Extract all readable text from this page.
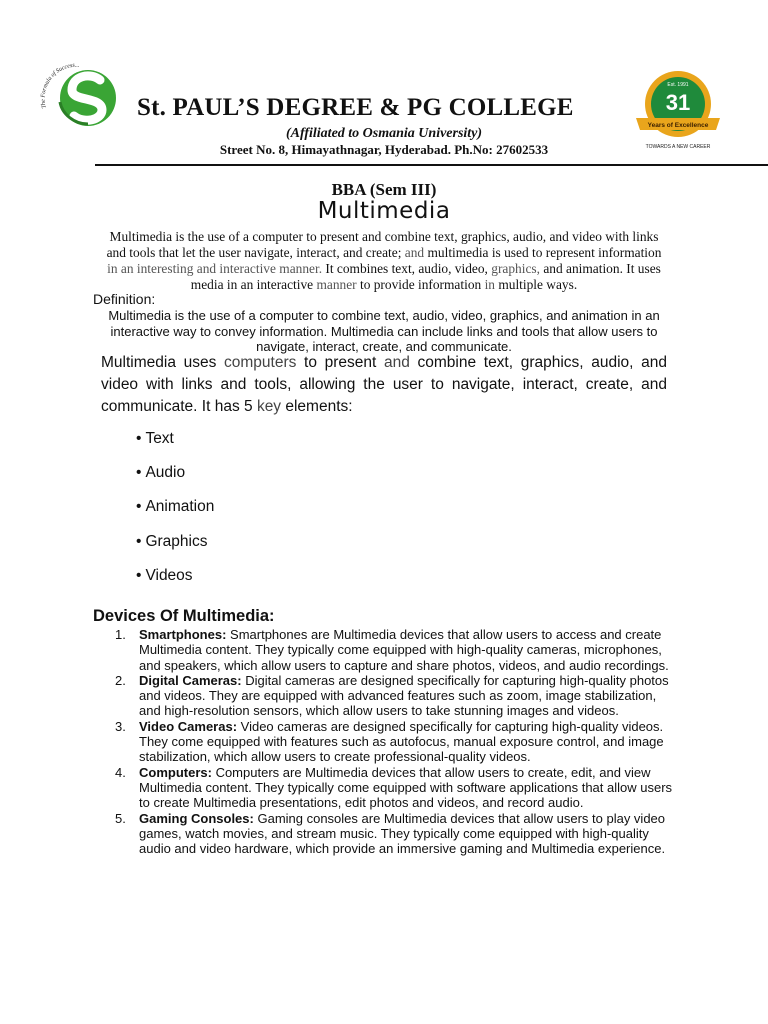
The Formula of Success...
St. PAUL’S DEGREE & PG COLLEGE
(Affiliated to Osmania University)
Street No. 8, Himayathnagar, Hyderabad. Ph.No: 27602533
Est. 1991
31
Years of Excellence
TOWARDS A NEW CAREER
BBA (Sem III)
Multimedia
Multimedia is the use of a computer to present and combine text, graphics, audio, and video with links
and tools that let the user navigate, interact, and create; and multimedia is used to represent information
in an interesting and interactive manner. It combines text, audio, video, graphics, and animation. It uses
media in an interactive manner to provide information in multiple ways.
Definition:
Multimedia is the use of a computer to combine text, audio, video, graphics, and animation in an interactive way to convey information. Multimedia can include links and tools that allow users to navigate, interact, create, and communicate.
Multimedia uses computers to present and combine text, graphics, audio, and video with links and tools, allowing the user to navigate, interact, create, and communicate. It has 5 key elements:
• Text
• Audio
• Animation
• Graphics
• Videos
Devices Of Multimedia:
1. Smartphones: Smartphones are Multimedia devices that allow users to access and create Multimedia content. They typically come equipped with high-quality cameras, microphones, and speakers, which allow users to capture and share photos, videos, and audio recordings.
2. Digital Cameras: Digital cameras are designed specifically for capturing high-quality photos and videos. They are equipped with advanced features such as zoom, image stabilization, and high-resolution sensors, which allow users to take stunning images and videos.
3. Video Cameras: Video cameras are designed specifically for capturing high-quality videos. They come equipped with features such as autofocus, manual exposure control, and image stabilization, which allow users to create professional-quality videos.
4. Computers: Computers are Multimedia devices that allow users to create, edit, and view Multimedia content. They typically come equipped with software applications that allow users to create Multimedia presentations, edit photos and videos, and record audio.
5. Gaming Consoles: Gaming consoles are Multimedia devices that allow users to play video games, watch movies, and stream music. They typically come equipped with high-quality audio and video hardware, which provide an immersive gaming and Multimedia experience.
